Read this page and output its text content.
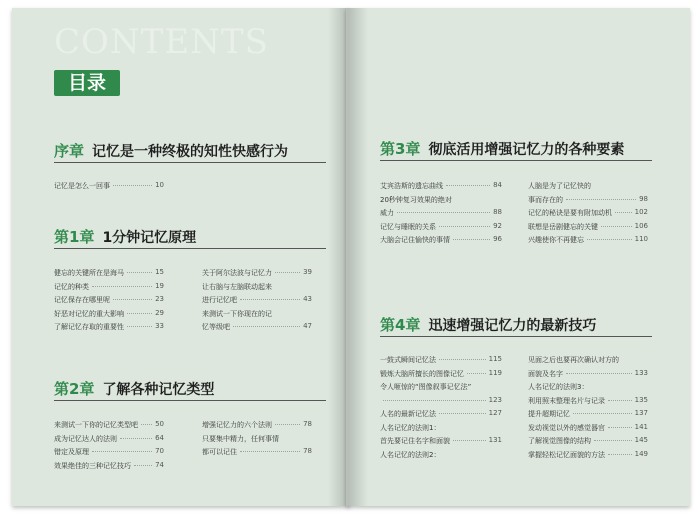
CONTENTS
目录
序章 记忆是一种终极的知性快感行为
记忆是怎么一回事	10
第1章 1分钟记忆原理
健忘的关键所在是海马	15
记忆的种类	19
记忆保存在哪里呢	23
好恶对记忆的重大影响	29
了解记忆存取的重要性	33
关于阿尔法波与记忆力	39
让右脑与左脑联动起来
进行记忆吧	43
来测试一下你现在的记
忆等级吧	47
第2章 了解各种记忆类型
来测试一下你的记忆类型吧 50
成为记忆达人的法则	64
错定及原理	70
效果绝佳的三种记忆技巧	74
增强记忆力的六个法则	78
只要集中精力，任何事情
都可以记住	78
第3章 彻底活用增强记忆力的各种要素
艾宾浩斯的遗忘曲线	84
20秒钟复习效果的绝对
威力	88
记忆与睡眠的关系	92
大脑会记住愉快的事情	96
人脑是为了记忆快的
事而存在的	98
记忆的秘诀是要有附加动机	102
联想是岳剧健忘的关键	106
兴趣使你不再健忘	110
第4章 迅速增强记忆力的最新技巧
一鼓式瞬间记忆法	115
锻炼大脑所擅长的图像记忆	119
令人咂惊的“图像叙事记忆法”
123
人名的最新记忆法	127
人名记忆的法则1：
首先要记住名字和面貌	131
人名记忆的法则2：
见面之后也要再次确认对方的
面貌及名字	133
人名记忆的法则3：
利用照末整理名片与记录	135
提升超期记忆	137
发动视觉以外的感觉器官	141
了解视觉图像的结构	145
掌握轻松记忆面貌的方法	149
